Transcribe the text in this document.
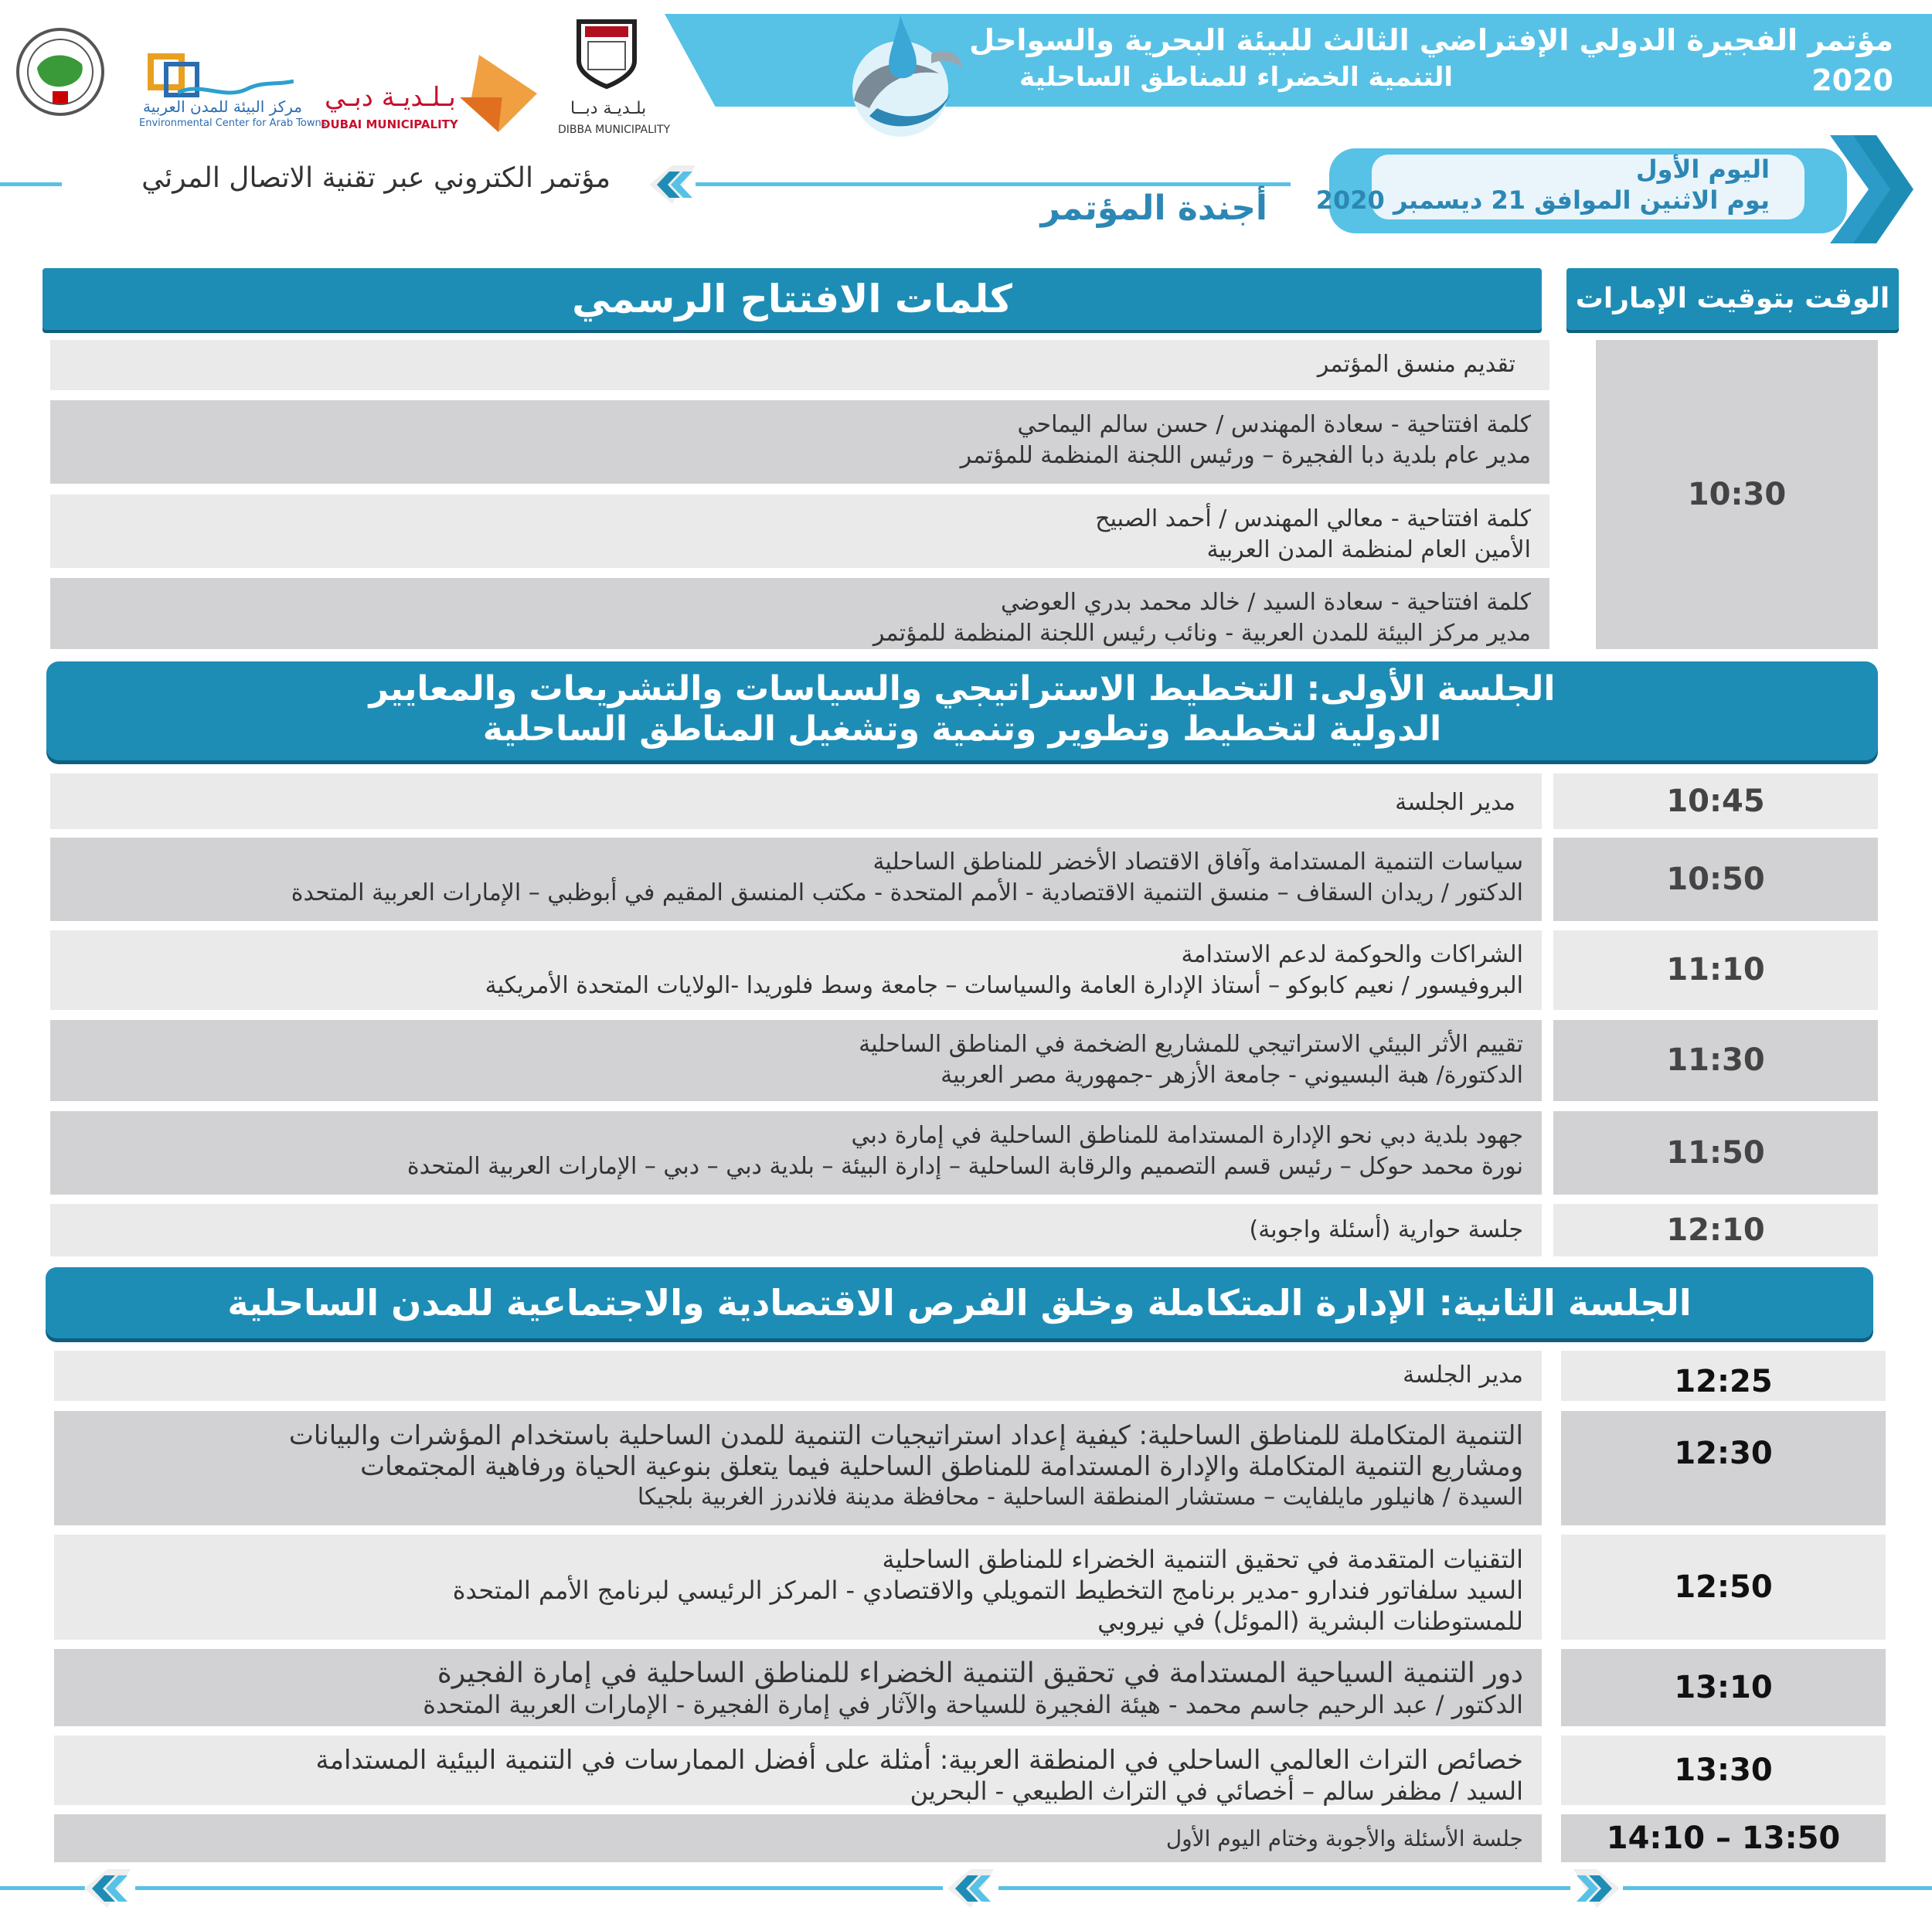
مؤتمر الفجيرة الدولي الإفتراضي الثالث للبيئة البحرية والسواحل 2020
التنمية الخضراء للمناطق الساحلية
مركز البيئة للمدن العربية
Environmental Center for Arab Towns
بـلـديـة دبـي
DUBAI MUNICIPALITY
بلـديـة دبــا
DIBBA MUNICIPALITY
مؤتمر الكتروني عبر تقنية الاتصال المرئي	اليوم الأول
يوم الاثنين الموافق 21 ديسمبر 2020
أجندة المؤتمر
الوقت بتوقيت الإمارات
كلمات الافتتاح الرسمي
10:30
تقديم منسق المؤتمر
كلمة افتتاحية - سعادة المهندس / حسن سالم اليماحي
مدير عام بلدية دبا الفجيرة – ورئيس اللجنة المنظمة للمؤتمر
كلمة افتتاحية - معالي المهندس / أحمد الصبيح
الأمين العام لمنظمة المدن العربية
كلمة افتتاحية - سعادة السيد / خالد محمد بدري العوضي
مدير مركز البيئة للمدن العربية - ونائب رئيس اللجنة المنظمة للمؤتمر
الجلسة الأولى: التخطيط الاستراتيجي والسياسات والتشريعات والمعايير
الدولية لتخطيط وتطوير وتنمية وتشغيل المناطق الساحلية
10:45
مدير الجلسة
10:50
سياسات التنمية المستدامة وآفاق الاقتصاد الأخضر للمناطق الساحلية
الدكتور / ريدان السقاف – منسق التنمية الاقتصادية - الأمم المتحدة - مكتب المنسق المقيم في أبوظبي – الإمارات العربية المتحدة
11:10
الشراكات والحوكمة لدعم الاستدامة
البروفيسور / نعيم كابوكو – أستاذ الإدارة العامة والسياسات – جامعة وسط فلوريدا -الولايات المتحدة الأمريكية
11:30
تقييم الأثر البيئي الاستراتيجي للمشاريع الضخمة في المناطق الساحلية
الدكتورة/ هبة البسيوني - جامعة الأزهر -جمهورية مصر العربية
11:50
جهود بلدية دبي نحو الإدارة المستدامة للمناطق الساحلية في إمارة دبي
نورة محمد حوكل – رئيس قسم التصميم والرقابة الساحلية – إدارة البيئة – بلدية دبي – دبي – الإمارات العربية المتحدة
12:10
جلسة حوارية (أسئلة واجوبة)
الجلسة الثانية: الإدارة المتكاملة وخلق الفرص الاقتصادية والاجتماعية للمدن الساحلية
12:25
مدير الجلسة
12:30
التنمية المتكاملة للمناطق الساحلية: كيفية إعداد استراتيجيات التنمية للمدن الساحلية باستخدام المؤشرات والبيانات
ومشاريع التنمية المتكاملة والإدارة المستدامة للمناطق الساحلية فيما يتعلق بنوعية الحياة ورفاهية المجتمعات
السيدة / هانيلور مايلفايت – مستشار المنطقة الساحلية - محافظة مدينة فلاندرز الغربية بلجيكا
12:50
التقنيات المتقدمة في تحقيق التنمية الخضراء للمناطق الساحلية
السيد سلفاتور فندارو -مدير برنامج التخطيط التمويلي والاقتصادي - المركز الرئيسي لبرنامج الأمم المتحدة
للمستوطنات البشرية (الموئل) في نيروبي
13:10
دور التنمية السياحية المستدامة في تحقيق التنمية الخضراء للمناطق الساحلية في إمارة الفجيرة
الدكتور / عبد الرحيم جاسم محمد - هيئة الفجيرة للسياحة والآثار في إمارة الفجيرة - الإمارات العربية المتحدة
13:30
خصائص التراث العالمي الساحلي في المنطقة العربية: أمثلة على أفضل الممارسات في التنمية البيئية المستدامة
السيد / مظفر سالم – أخصائي في التراث الطبيعي - البحرين
13:50 – 14:10
جلسة الأسئلة والأجوبة وختام اليوم الأول
